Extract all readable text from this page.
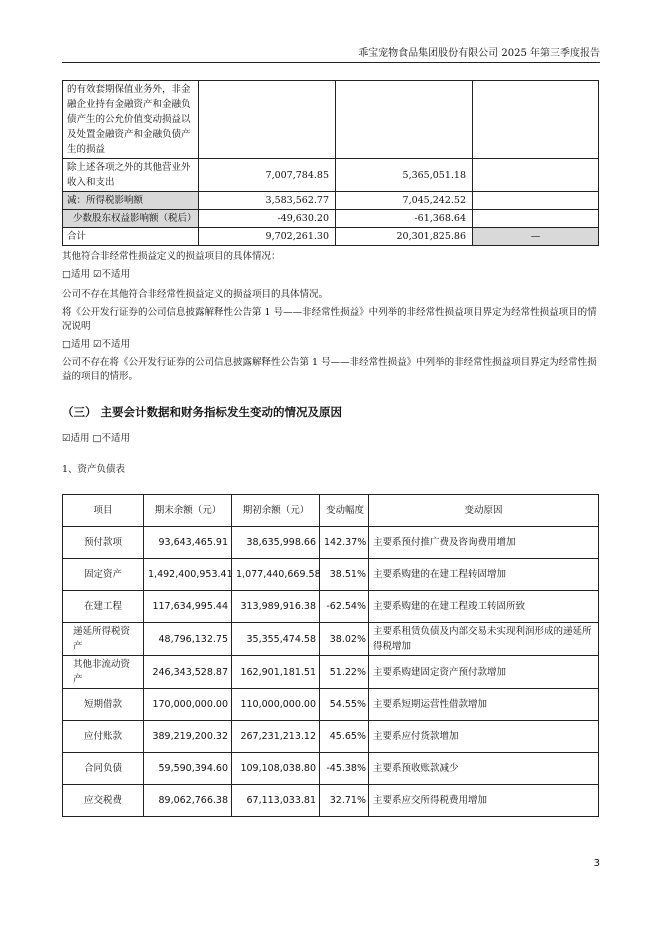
乖宝宠物食品集团股份有限公司 2025 年第三季度报告
的有效套期保值业务外，非金融企业持有金融资产和金融负债产生的公允价值变动损益以及处置金融资产和金融负债产生的损益			
除上述各项之外的其他营业外收入和支出	7,007,784.85	5,365,051.18	
减：所得税影响额	3,583,562.77	7,045,242.52	
少数股东权益影响额（税后）	-49,630.20	-61,368.64	
合计	9,702,261.30	20,301,825.86	—
其他符合非经常性损益定义的损益项目的具体情况：
□适用 ☑不适用
公司不存在其他符合非经常性损益定义的损益项目的具体情况。
将《公开发行证券的公司信息披露解释性公告第 1 号——非经常性损益》中列举的非经常性损益项目界定为经常性损益项目的情况说明
□适用 ☑不适用
公司不存在将《公开发行证券的公司信息披露解释性公告第 1 号——非经常性损益》中列举的非经常性损益项目界定为经常性损益的项目的情形。
（三） 主要会计数据和财务指标发生变动的情况及原因
☑适用 □不适用
1、资产负债表
项目	期末余额（元）	期初余额（元）	变动幅度	变动原因
预付款项	93,643,465.91	38,635,998.66	142.37%	主要系预付推广费及咨询费用增加
固定资产	1,492,400,953.41	1,077,440,669.58	38.51%	主要系购建的在建工程转固增加
在建工程	117,634,995.44	313,989,916.38	-62.54%	主要系购建的在建工程竣工转固所致
递延所得税资产	48,796,132.75	35,355,474.58	38.02%	主要系租赁负债及内部交易未实现利润形成的递延所得税增加
其他非流动资产	246,343,528.87	162,901,181.51	51.22%	主要系购建固定资产预付款增加
短期借款	170,000,000.00	110,000,000.00	54.55%	主要系短期运营性借款增加
应付账款	389,219,200.32	267,231,213.12	45.65%	主要系应付货款增加
合同负债	59,590,394.60	109,108,038.80	-45.38%	主要系预收账款减少
应交税费	89,062,766.38	67,113,033.81	32.71%	主要系应交所得税费用增加
3
